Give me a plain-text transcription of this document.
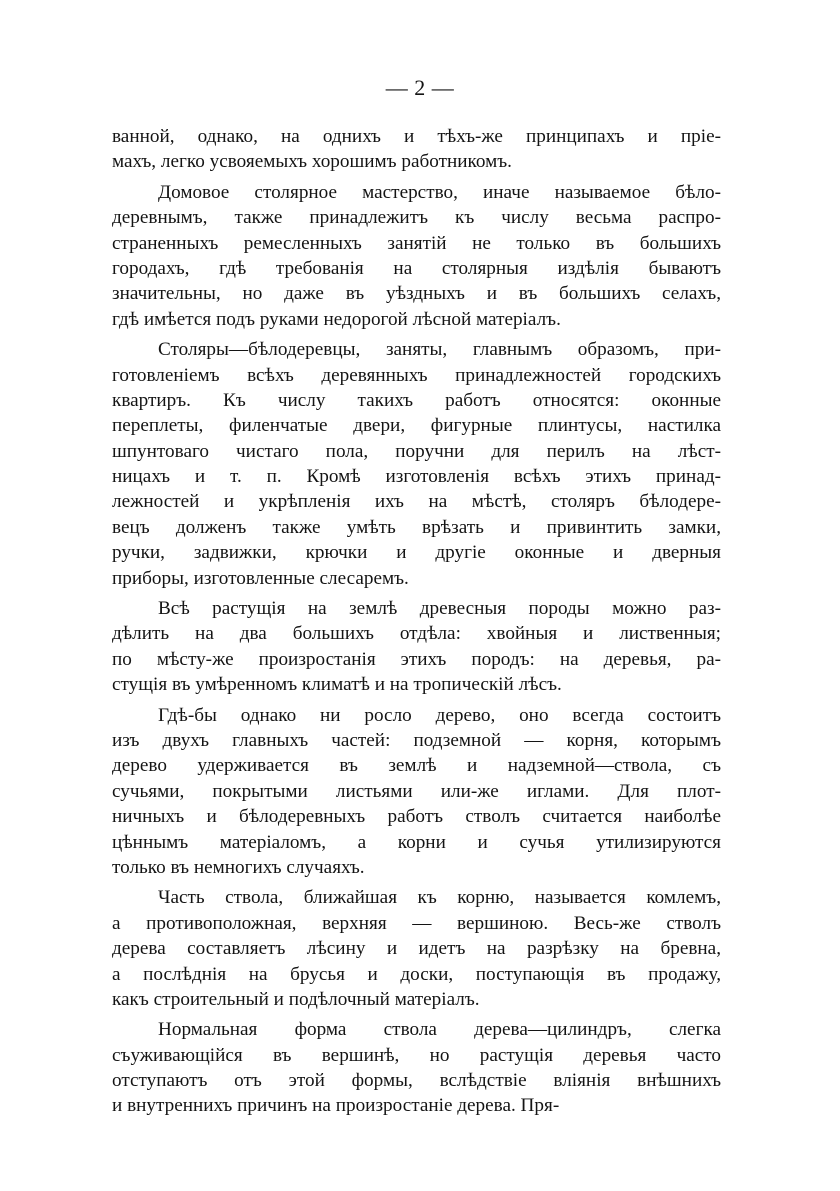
— 2 —
ванной, однако, на однихъ и тѣхъ-же принципахъ и пріе-
махъ, легко усвояемыхъ хорошимъ работникомъ.
Домовое столярное мастерство, иначе называемое бѣло-
деревнымъ, также принадлежитъ къ числу весьма распро-
страненныхъ ремесленныхъ занятій не только въ большихъ
городахъ, гдѣ требованія на столярныя издѣлія бываютъ
значительны, но даже въ уѣздныхъ и въ большихъ селахъ,
гдѣ имѣется подъ руками недорогой лѣсной матеріалъ.
Столяры—бѣлодеревцы, заняты, главнымъ образомъ, при-
готовленіемъ всѣхъ деревянныхъ принадлежностей городскихъ
квартиръ. Къ числу такихъ работъ относятся: оконные
переплеты, филенчатые двери, фигурные плинтусы, настилка
шпунтоваго чистаго пола, поручни для перилъ на лѣст-
ницахъ и т. п. Кромѣ изготовленія всѣхъ этихъ принад-
лежностей и укрѣпленія ихъ на мѣстѣ, столяръ бѣлодере-
вецъ долженъ также умѣть врѣзать и привинтить замки,
ручки, задвижки, крючки и другіе оконные и дверныя
приборы, изготовленные слесаремъ.
Всѣ растущія на землѣ древесныя породы можно раз-
дѣлить на два большихъ отдѣла: хвойныя и лиственныя;
по мѣсту-же произростанія этихъ породъ: на деревья, ра-
стущія въ умѣренномъ климатѣ и на тропическій лѣсъ.
Гдѣ-бы однако ни росло дерево, оно всегда состоитъ
изъ двухъ главныхъ частей: подземной — корня, которымъ
дерево удерживается въ землѣ и надземной—ствола, съ
сучьями, покрытыми листьями или-же иглами. Для плот-
ничныхъ и бѣлодеревныхъ работъ стволъ считается наиболѣе
цѣннымъ матеріаломъ, а корни и сучья утилизируются
только въ немногихъ случаяхъ.
Часть ствола, ближайшая къ корню, называется комлемъ,
а противоположная, верхняя — вершиною. Весь-же стволъ
дерева составляетъ лѣсину и идетъ на разрѣзку на бревна,
а послѣднія на брусья и доски, поступающія въ продажу,
какъ строительный и подѣлочный матеріалъ.
Нормальная форма ствола дерева—цилиндръ, слегка
съуживающійся въ вершинѣ, но растущія деревья часто
отступаютъ отъ этой формы, вслѣдствіе вліянія внѣшнихъ
и внутреннихъ причинъ на произростаніе дерева. Пря-
